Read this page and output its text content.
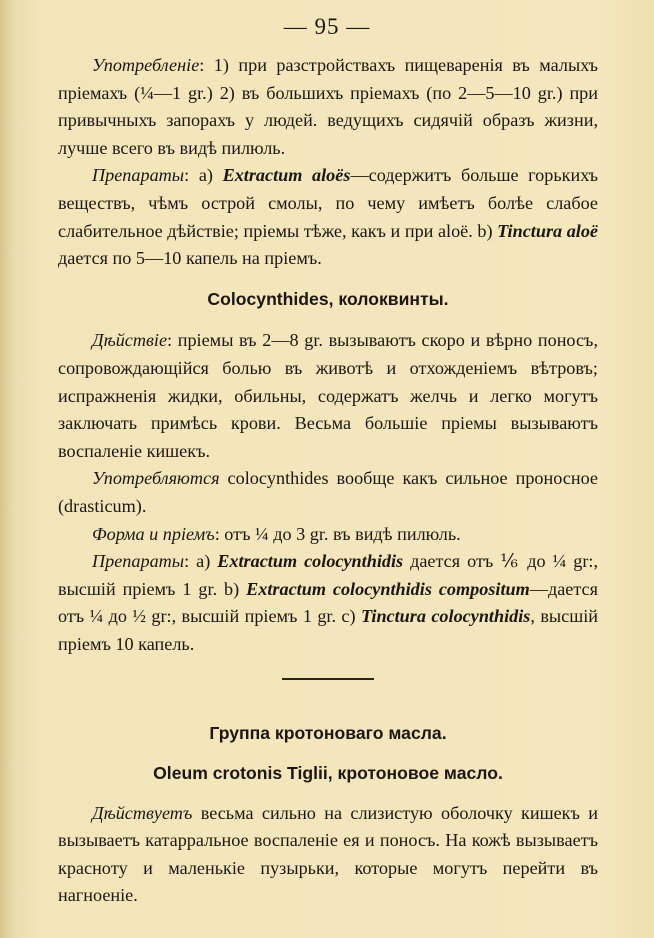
— 95 —

Употребленіе: 1) при разстройствахъ пищеваренія въ малыхъ пріемахъ (¼—1 gr.) 2) въ большихъ пріемахъ (по 2—5—10 gr.) при привычныхъ запорахъ у людей. ведущихъ сидячій образъ жизни, лучше всего въ видѣ пилюль.

Препараты: a) Extractum aloës—содержитъ больше горькихъ веществъ, чѣмъ острой смолы, по чему имѣетъ болѣе слабое слабительное дѣйствіе; пріемы тѣже, какъ и при aloë. b) Tinctura aloë дается по 5—10 капель на пріемъ.

Colocynthides, колоквинты.

Дѣйствіе: пріемы въ 2—8 gr. вызываютъ скоро и вѣрно поносъ, сопровождающійся болью въ животѣ и отхожденіемъ вѣтровъ; испражненія жидки, обильны, содержатъ желчь и легко могутъ заключать примѣсь крови. Весьма большіе пріемы вызываютъ воспаленіе кишекъ.

Употребляются colocynthides вообще какъ сильное проносное (drasticum).

Форма и пріемъ: отъ ¼ до 3 gr. въ видѣ пилюль.

Препараты: a) Extractum colocynthidis дается отъ ⅙ до ¼ gr:, высшій пріемъ 1 gr. b) Extractum colocynthidis compositum—дается отъ ¼ до ½ gr:, высшій пріемъ 1 gr. c) Tinctura colocynthidis, высшій пріемъ 10 капель.

Группа кротоноваго масла.

Oleum crotonis Tiglii, кротоновое масло.

Дѣйствуетъ весьма сильно на слизистую оболочку кишекъ и вызываетъ катарральное воспаленіе ея и поносъ. На кожѣ вызываетъ краснoту и маленькіе пузырьки, которые могутъ перейти въ нагноеніе.
